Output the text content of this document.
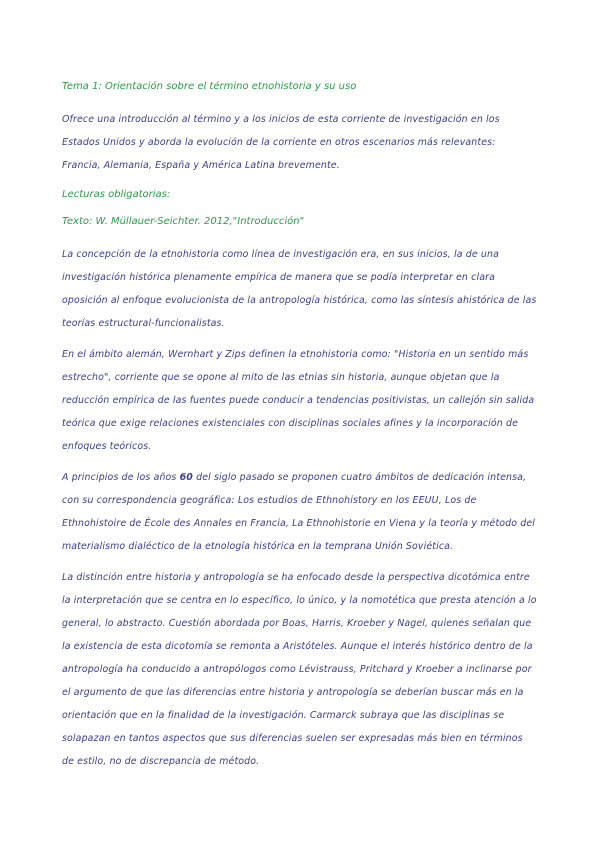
Tema 1: Orientación sobre el término etnohistoria y su uso

Ofrece una introducción al término y a los inicios de esta corriente de investigación en los Estados Unidos y aborda la evolución de la corriente en otros escenarios más relevantes: Francia, Alemania, España y América Latina brevemente.

Lecturas obligatorias:

Texto: W. Müllauer-Seichter. 2012,"Introducción"

La concepción de la etnohistoria como línea de investigación era, en sus inicios, la de una investigación histórica plenamente empírica de manera que se podía interpretar en clara oposición al enfoque evolucionista de la antropología histórica, como las síntesis ahistórica de las teorías estructural-funcionalistas.

En el ámbito alemán, Wernhart y Zips definen la etnohistoria como: "Historia en un sentido más estrecho", corriente que se opone al mito de las etnias sin historia, aunque objetan que la reducción empírica de las fuentes puede conducir a tendencias positivistas, un callejón sin salida teórica que exige relaciones existenciales con disciplinas sociales afines y la incorporación de enfoques teóricos.

A principios de los años 60 del siglo pasado se proponen cuatro ámbitos de dedicación intensa, con su correspondencia geográfica: Los estudios de Ethnohistory en los EEUU, Los de Ethnohistoire de École des Annales en Francia, La Ethnohistorie en Viena y la teoría y método del materialismo dialéctico de la etnología histórica en la temprana Unión Soviética.

La distinción entre historia y antropología se ha enfocado desde la perspectiva dicotómica entre la interpretación que se centra en lo específico, lo único, y la nomotética que presta atención a lo general, lo abstracto. Cuestión abordada por Boas, Harris, Kroeber y Nagel, quienes señalan que la existencia de esta dicotomía se remonta a Aristóteles. Aunque el interés histórico dentro de la antropología ha conducido a antropólogos como Lévistrauss, Pritchard y Kroeber a inclinarse por el argumento de que las diferencias entre historia y antropología se deberían buscar más en la orientación que en la finalidad de la investigación. Carmarck subraya que las disciplinas se solapazan en tantos aspectos que sus diferencias suelen ser expresadas más bien en términos de estilo, no de discrepancia de método.
